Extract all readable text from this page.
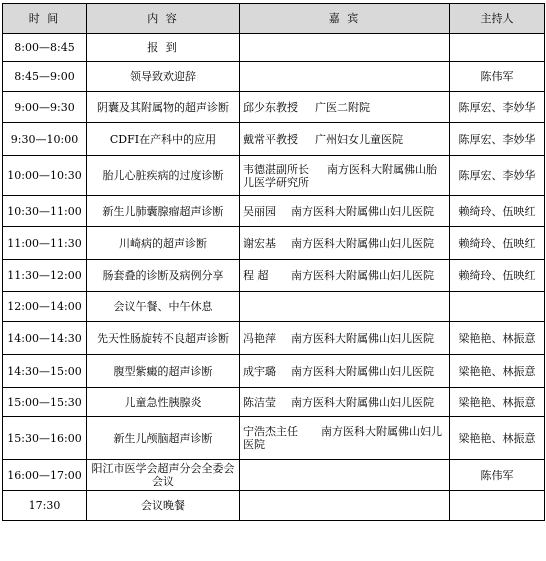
时 间	内 容	嘉 宾	主持人
8:00—8:45	报 到		
8:45—9:00	领导致欢迎辞		陈伟军
9:00—9:30	阴囊及其附属物的超声诊断	邱少东教授 广医二附院	陈厚宏、李妙华
9:30—10:00	CDFI在产科中的应用	戴常平教授 广州妇女儿童医院	陈厚宏、李妙华
10:00—10:30	胎儿心脏疾病的过度诊断	韦德湛副所长 南方医科大附属佛山胎儿医学研究所	陈厚宏、李妙华
10:30—11:00	新生儿肺囊腺瘤超声诊断	吴丽园 南方医科大附属佛山妇儿医院	赖绮玲、伍映红
11:00—11:30	川崎病的超声诊断	谢宏基 南方医科大附属佛山妇儿医院	赖绮玲、伍映红
11:30—12:00	肠套叠的诊断及病例分享	程 超 南方医科大附属佛山妇儿医院	赖绮玲、伍映红
12:00—14:00	会议午餐、中午休息		
14:00—14:30	先天性肠旋转不良超声诊断	冯艳萍 南方医科大附属佛山妇儿医院	梁艳艳、林振意
14:30—15:00	腹型紫癜的超声诊断	成宇璐 南方医科大附属佛山妇儿医院	梁艳艳、林振意
15:00—15:30	儿童急性胰腺炎	陈洁莹 南方医科大附属佛山妇儿医院	梁艳艳、林振意
15:30—16:00	新生儿颅脑超声诊断	宁浩杰主任 南方医科大附属佛山妇儿医院	梁艳艳、林振意
16:00—17:00	阳江市医学会超声分会全委会会议		陈伟军
17:30	会议晚餐		
